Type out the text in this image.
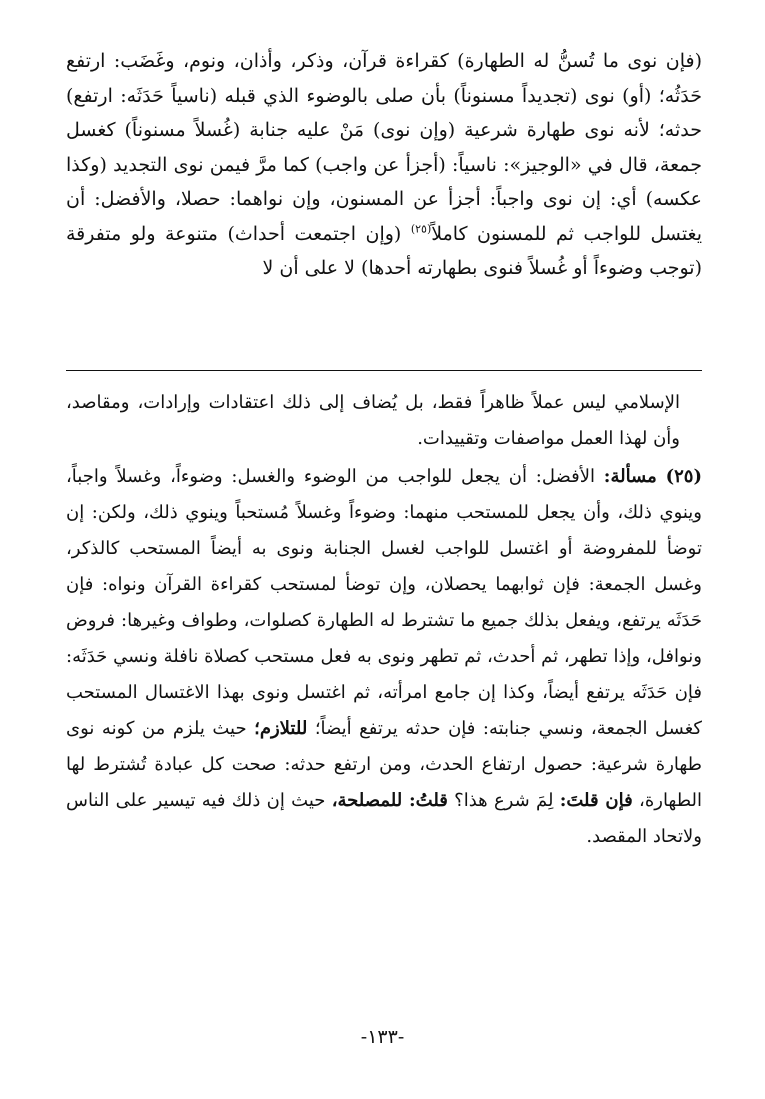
(فإن نوى ما تُسنُّ له الطهارة) كقراءة قرآن، وذكر، وأذان، ونوم، وغَضَب: ارتفع حَدَثُه؛ (أو) نوى (تجديداً مسنوناً) بأن صلى بالوضوء الذي قبله (ناسياً حَدَثَه: ارتفع) حدثه؛ لأنه نوى طهارة شرعية (وإن نوى) مَنْ عليه جنابة (غُسلاً مسنوناً) كغسل جمعة، قال في «الوجيز»: ناسياً: (أجزأ عن واجب) كما مرَّ فيمن نوى التجديد (وكذا عكسه) أي: إن نوى واجباً: أجزأ عن المسنون، وإن نواهما: حصلا، والأفضل: أن يغتسل للواجب ثم للمسنون كاملاً$^{(٢٥)}$ (وإن اجتمعت أحداث) متنوعة ولو متفرقة (توجب وضوءاً أو غُسلاً فنوى بطهارته أحدها) لا على أن لا

الإسلامي ليس عملاً ظاهراً فقط، بل يُضاف إلى ذلك اعتقادات وإرادات، ومقاصد، وأن لهذا العمل مواصفات وتقييدات.

(٢٥) مسألة: الأفضل: أن يجعل للواجب من الوضوء والغسل: وضوءاً، وغسلاً واجباً، وينوي ذلك، وأن يجعل للمستحب منهما: وضوءاً وغسلاً مُستحباً وينوي ذلك، ولكن: إن توضأ للمفروضة أو اغتسل للواجب لغسل الجنابة ونوى به أيضاً المستحب كالذكر، وغسل الجمعة: فإن ثوابهما يحصلان، وإن توضأ لمستحب كقراءة القرآن ونواه: فإن حَدَثَه يرتفع، ويفعل بذلك جميع ما تشترط له الطهارة كصلوات، وطواف وغيرها: فروض ونوافل، وإذا تطهر، ثم أحدث، ثم تطهر ونوى به فعل مستحب كصلاة نافلة ونسي حَدَثَه: فإن حَدَثَه يرتفع أيضاً، وكذا إن جامع امرأته، ثم اغتسل ونوى بهذا الاغتسال المستحب كغسل الجمعة، ونسي جنابته: فإن حدثه يرتفع أيضاً؛ للتلازم؛ حيث يلزم من كونه نوى طهارة شرعية: حصول ارتفاع الحدث، ومن ارتفع حدثه: صحت كل عبادة تُشترط لها الطهارة، فإن قلتَ: لِمَ شرع هذا؟ قلتُ: للمصلحة، حيث إن ذلك فيه تيسير على الناس ولاتحاد المقصد.

-١٣٣-
